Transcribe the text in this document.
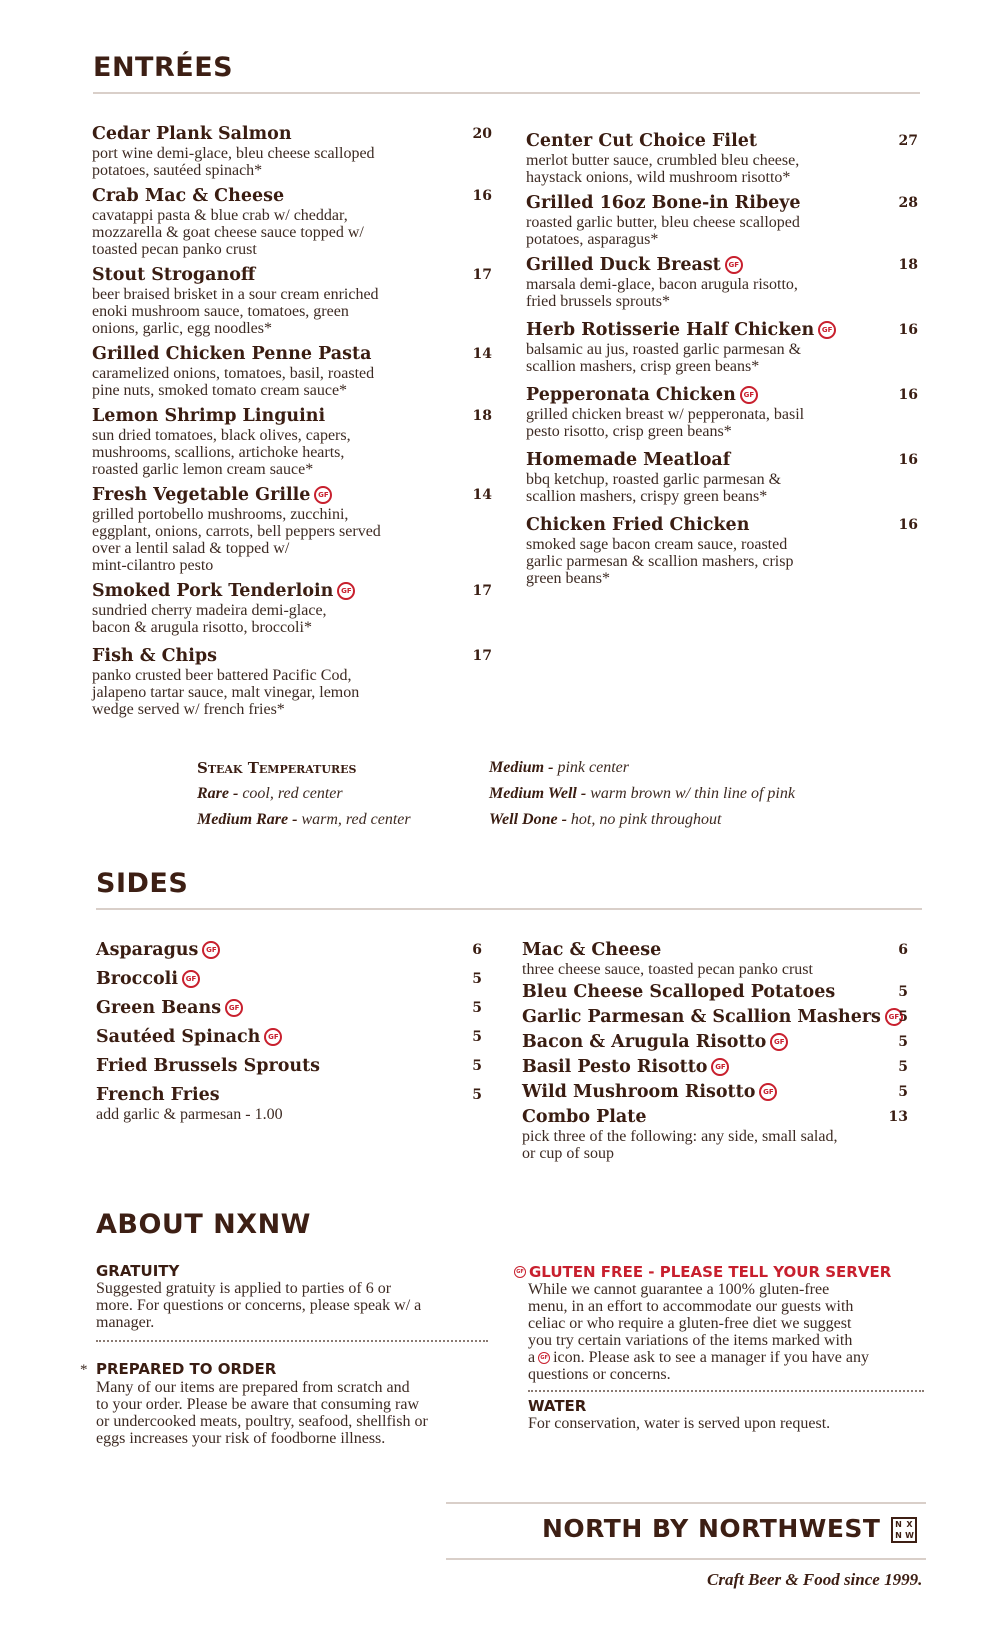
ENTRÉES
Cedar Plank Salmon	20
port wine demi-glace, bleu cheese scalloped
potatoes, sautéed spinach*
Crab Mac & Cheese	16
cavatappi pasta & blue crab w/ cheddar,
mozzarella & goat cheese sauce topped w/
toasted pecan panko crust
Stout Stroganoff	17
beer braised brisket in a sour cream enriched
enoki mushroom sauce, tomatoes, green
onions, garlic, egg noodles*
Grilled Chicken Penne Pasta	14
caramelized onions, tomatoes, basil, roasted
pine nuts, smoked tomato cream sauce*
Lemon Shrimp Linguini	18
sun dried tomatoes, black olives, capers,
mushrooms, scallions, artichoke hearts,
roasted garlic lemon cream sauce*
Fresh Vegetable Grille	GF	14
grilled portobello mushrooms, zucchini,
eggplant, onions, carrots, bell peppers served
over a lentil salad & topped w/
mint-cilantro pesto
Smoked Pork Tenderloin	GF	17
sundried cherry madeira demi-glace,
bacon & arugula risotto, broccoli*
Fish & Chips	17
panko crusted beer battered Pacific Cod,
jalapeno tartar sauce, malt vinegar, lemon
wedge served w/ french fries*
Center Cut Choice Filet	27
merlot butter sauce, crumbled bleu cheese,
haystack onions, wild mushroom risotto*
Grilled 16oz Bone-in Ribeye	28
roasted garlic butter, bleu cheese scalloped
potatoes, asparagus*
Grilled Duck Breast	GF	18
marsala demi-glace, bacon arugula risotto,
fried brussels sprouts*
Herb Rotisserie Half Chicken	GF	16
balsamic au jus, roasted garlic parmesan &
scallion mashers, crisp green beans*
Pepperonata Chicken	GF	16
grilled chicken breast w/ pepperonata, basil
pesto risotto, crisp green beans*
Homemade Meatloaf	16
bbq ketchup, roasted garlic parmesan &
scallion mashers, crispy green beans*
Chicken Fried Chicken	16
smoked sage bacon cream sauce, roasted
garlic parmesan & scallion mashers, crisp
green beans*
Steak Temperatures
Rare - cool, red center
Medium Rare - warm, red center
Medium - pink center
Medium Well - warm brown w/ thin line of pink
Well Done - hot, no pink throughout
SIDES
Asparagus	GF	6
Broccoli	GF	5
Green Beans	GF	5
Sautéed Spinach	GF	5
Fried Brussels Sprouts	5
French Fries	5
add garlic & parmesan - 1.00
Mac & Cheese	6
three cheese sauce, toasted pecan panko crust
Bleu Cheese Scalloped Potatoes	5
Garlic Parmesan & Scallion Mashers	GF 5
Bacon & Arugula Risotto	GF	5
Basil Pesto Risotto	GF	5
Wild Mushroom Risotto	GF	5
Combo Plate	13
pick three of the following: any side, small salad,
or cup of soup
ABOUT NXNW
GRATUITY
Suggested gratuity is applied to parties of 6 or
more. For questions or concerns, please speak w/ a
manager.
* PREPARED TO ORDER
Many of our items are prepared from scratch and
to your order. Please be aware that consuming raw
or undercooked meats, poultry, seafood, shellfish or
eggs increases your risk of foodborne illness.
GF GLUTEN FREE - PLEASE TELL YOUR SERVER
While we cannot guarantee a 100% gluten-free
menu, in an effort to accommodate our guests with
celiac or who require a gluten-free diet we suggest
you try certain variations of the items marked with
a	GF icon. Please ask to see a manager if you have any
questions or concerns.
WATER
For conservation, water is served upon request.
NORTH BY NORTHWEST N X
N W
Craft Beer & Food since 1999.
